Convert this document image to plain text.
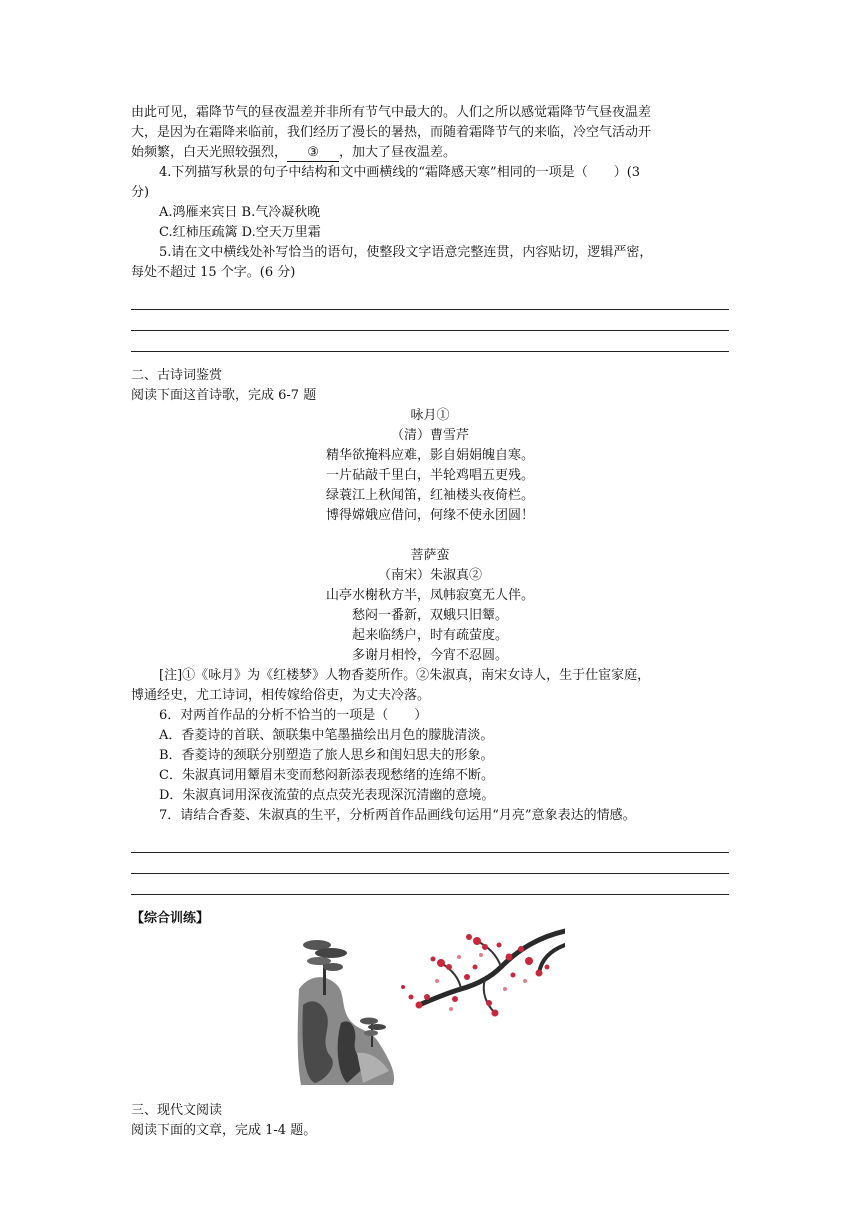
由此可见，霜降节气的昼夜温差并非所有节气中最大的。人们之所以感觉霜降节气昼夜温差
大，是因为在霜降来临前，我们经历了漫长的暑热，而随着霜降节气的来临，冷空气活动开
始频繁，白天光照较强烈， ③ ，加大了昼夜温差。
4.下列描写秋景的句子中结构和文中画横线的“霜降感天寒”相同的一项是（　　）(3
分)
A.鸿雁来宾日 B.气冷凝秋晚
C.红柿压疏篱 D.空天万里霜
5.请在文中横线处补写恰当的语句，使整段文字语意完整连贯，内容贴切，逻辑严密，
每处不超过 15 个字。(6 分)
二、古诗词鉴赏
阅读下面这首诗歌，完成 6-7 题
咏月①
（清）曹雪芹
精华欲掩料应难，影自娟娟魄自寒。
一片砧敲千里白，半轮鸡唱五更残。
绿蓑江上秋闻笛，红袖楼头夜倚栏。
博得嫦娥应借问，何缘不使永团圆！
菩萨蛮
（南宋）朱淑真②
山亭水榭秋方半，凤帏寂寞无人伴。
愁闷一番新，双蛾只旧颦。
起来临绣户，时有疏萤度。
多谢月相怜，今宵不忍圆。
[注]①《咏月》为《红楼梦》人物香菱所作。②朱淑真，南宋女诗人，生于仕宦家庭，
博通经史，尤工诗词，相传嫁给俗吏，为丈夫冷落。
6．对两首作品的分析不恰当的一项是（　　）
A．香菱诗的首联、颔联集中笔墨描绘出月色的朦胧清淡。
B．香菱诗的颈联分别塑造了旅人思乡和闺妇思夫的形象。
C．朱淑真词用颦眉未变而愁闷新添表现愁绪的连绵不断。
D．朱淑真词用深夜流萤的点点荧光表现深沉清幽的意境。
7．请结合香菱、朱淑真的生平，分析两首作品画线句运用“月亮”意象表达的情感。
【综合训练】
三、现代文阅读
阅读下面的文章，完成 1-4 题。
